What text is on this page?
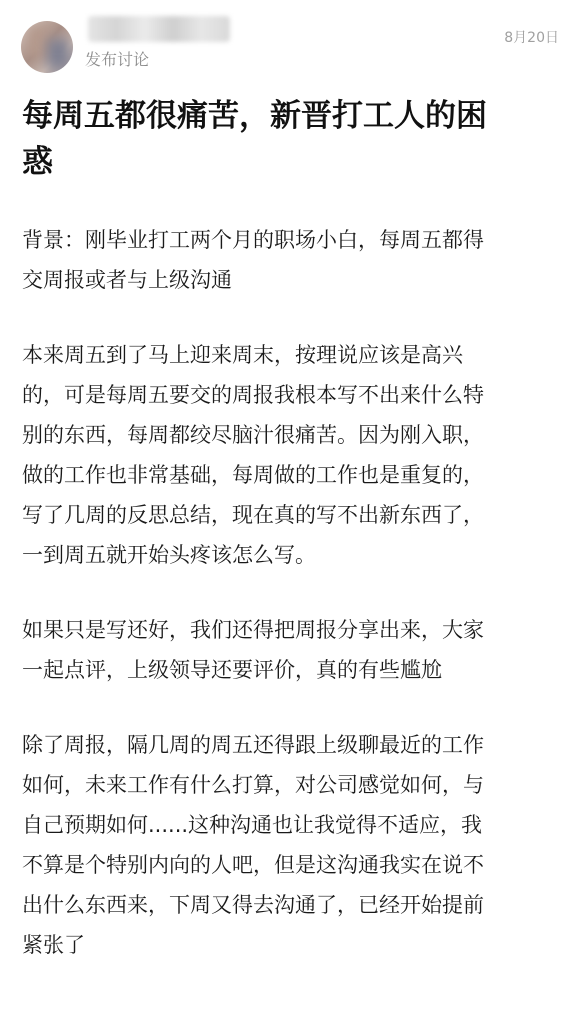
发布讨论
8月20日
每周五都很痛苦，新晋打工人的困
惑

背景：刚毕业打工两个月的职场小白，每周五都得
交周报或者与上级沟通

本来周五到了马上迎来周末，按理说应该是高兴
的，可是每周五要交的周报我根本写不出来什么特
别的东西，每周都绞尽脑汁很痛苦。因为刚入职，
做的工作也非常基础，每周做的工作也是重复的，
写了几周的反思总结，现在真的写不出新东西了，
一到周五就开始头疼该怎么写。

如果只是写还好，我们还得把周报分享出来，大家
一起点评，上级领导还要评价，真的有些尴尬

除了周报，隔几周的周五还得跟上级聊最近的工作
如何，未来工作有什么打算，对公司感觉如何，与
自己预期如何......这种沟通也让我觉得不适应，我
不算是个特别内向的人吧，但是这沟通我实在说不
出什么东西来，下周又得去沟通了，已经开始提前
紧张了
